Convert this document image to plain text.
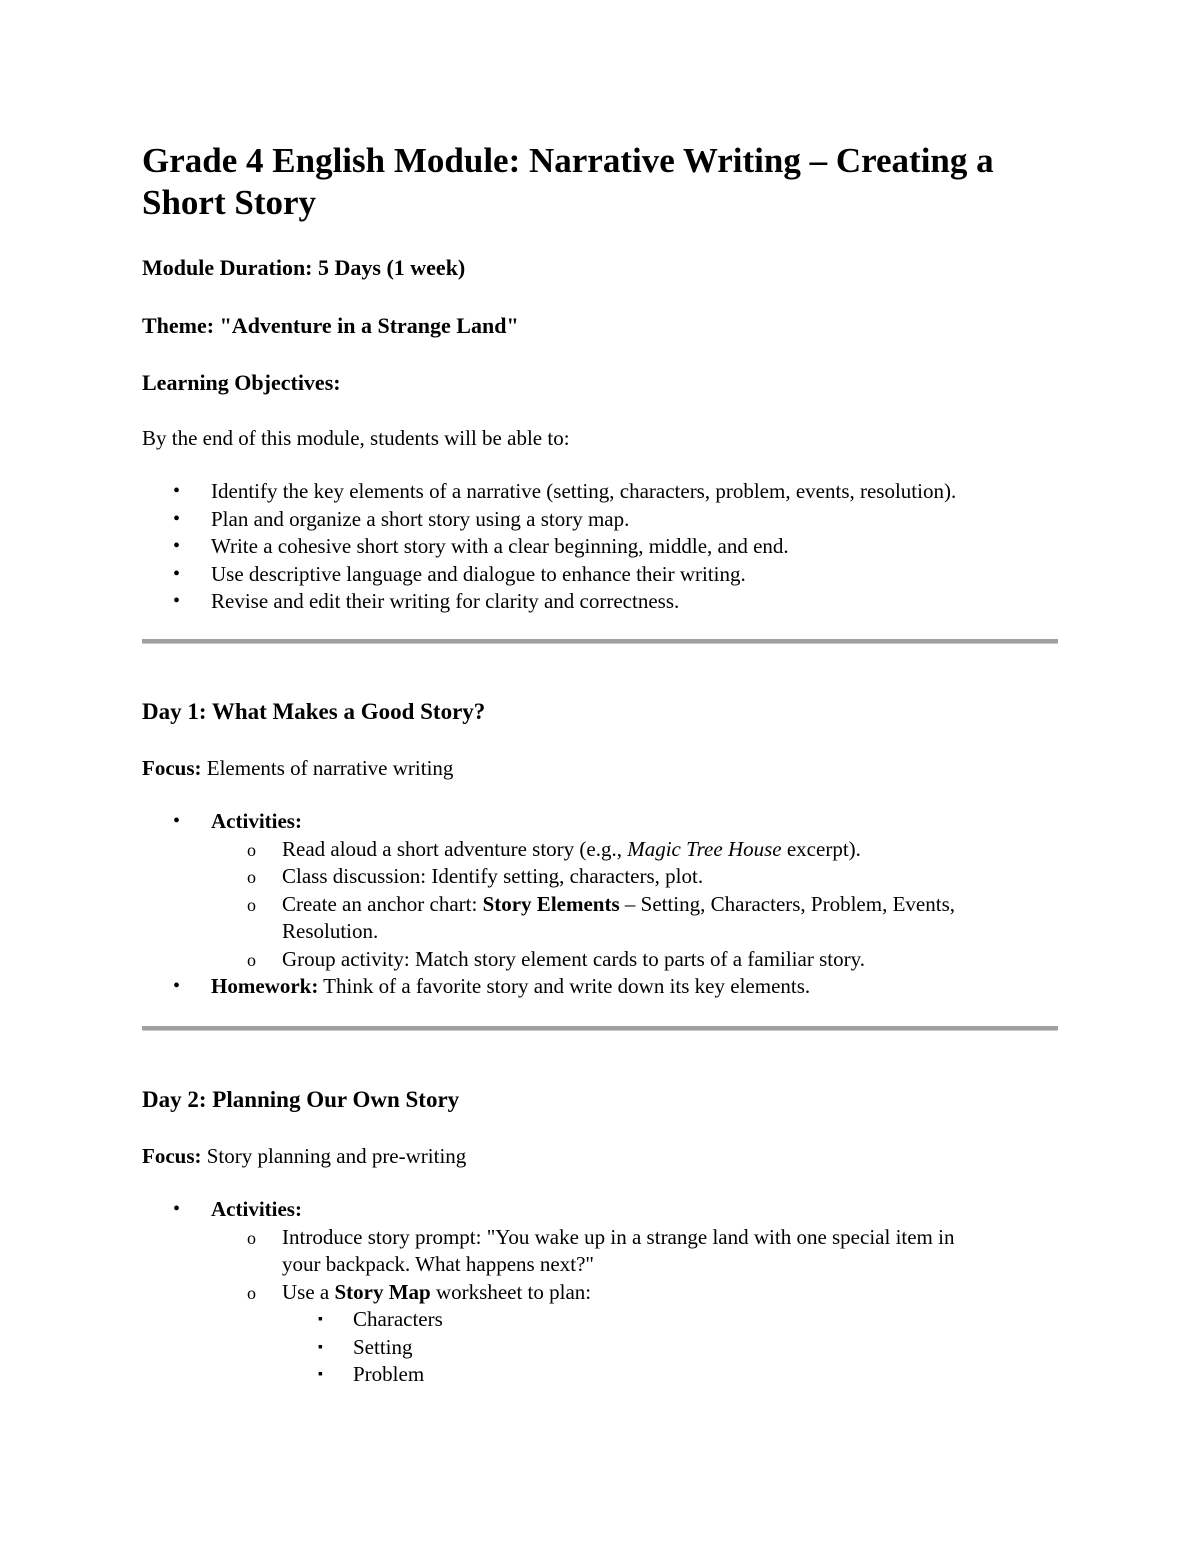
Grade 4 English Module: Narrative Writing – Creating a Short Story

Module Duration: 5 Days (1 week)

Theme: "Adventure in a Strange Land"

Learning Objectives:

By the end of this module, students will be able to:

• Identify the key elements of a narrative (setting, characters, problem, events, resolution).
• Plan and organize a short story using a story map.
• Write a cohesive short story with a clear beginning, middle, and end.
• Use descriptive language and dialogue to enhance their writing.
• Revise and edit their writing for clarity and correctness.
Day 1: What Makes a Good Story?

Focus: Elements of narrative writing

• Activities:
o Read aloud a short adventure story (e.g., Magic Tree House excerpt).
o Class discussion: Identify setting, characters, plot.
o Create an anchor chart: Story Elements – Setting, Characters, Problem, Events, Resolution.
o Group activity: Match story element cards to parts of a familiar story.
• Homework: Think of a favorite story and write down its key elements.
Day 2: Planning Our Own Story

Focus: Story planning and pre-writing

• Activities:
o Introduce story prompt: "You wake up in a strange land with one special item in your backpack. What happens next?"
o Use a Story Map worksheet to plan:
▪ Characters
▪ Setting
▪ Problem
